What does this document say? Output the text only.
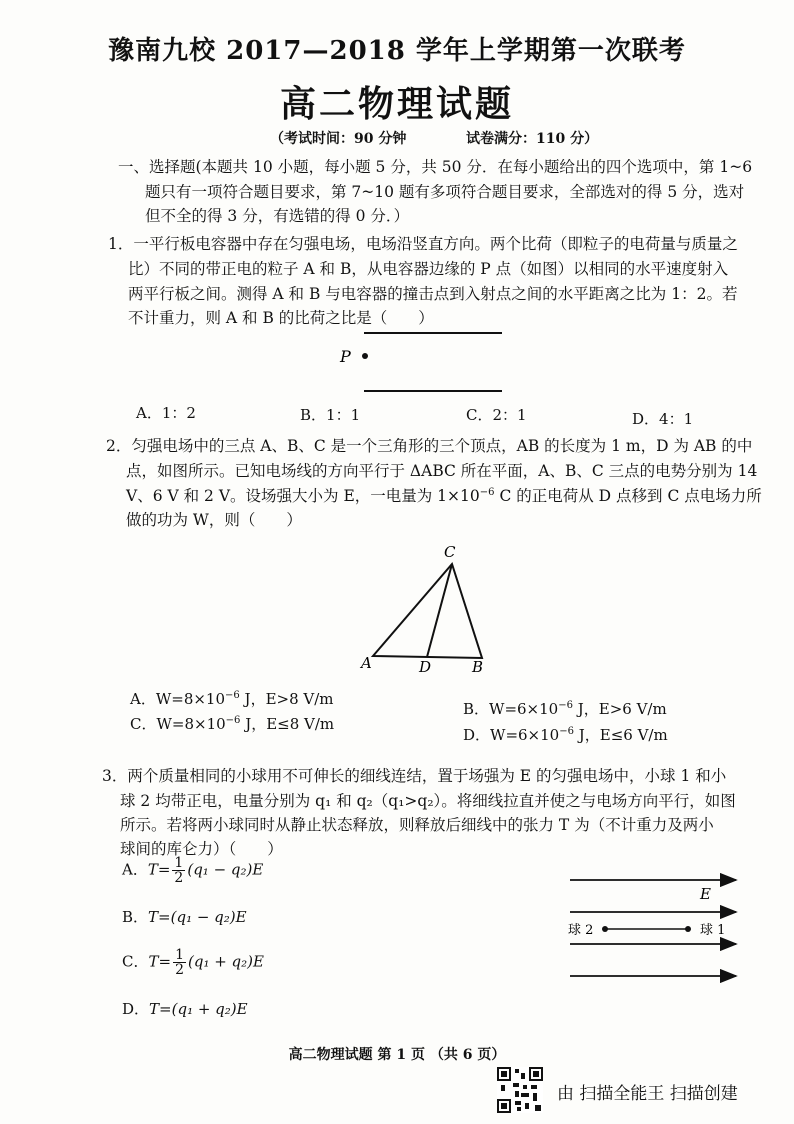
豫南九校 2017—2018 学年上学期第一次联考
高二物理试题
（考试时间：90 分钟	试卷满分：110 分）
一、选择题(本题共 10 小题，每小题 5 分，共 50 分．在每小题给出的四个选项中，第 1~6
题只有一项符合题目要求，第 7~10 题有多项符合题目要求，全部选对的得 5 分，选对
但不全的得 3 分，有选错的得 0 分．）
1．一平行板电容器中存在匀强电场，电场沿竖直方向。两个比荷（即粒子的电荷量与质量之
比）不同的带正电的粒子 A 和 B，从电容器边缘的 P 点（如图）以相同的水平速度射入
两平行板之间。测得 A 和 B 与电容器的撞击点到入射点之间的水平距离之比为 1：2。若
不计重力，则 A 和 B 的比荷之比是（　　）
P
A．1：2	B．1：1	C．2：1	D．4：1
2．匀强电场中的三点 A、B、C 是一个三角形的三个顶点，AB 的长度为 1 m，D 为 AB 的中
点，如图所示。已知电场线的方向平行于 ΔABC 所在平面，A、B、C 三点的电势分别为 14
V、6 V 和 2 V。设场强大小为 E，一电量为 $1\times 10^{-6}$ C 的正电荷从 D 点移到 C 点电场力所
做的功为 W，则（　　）
C
A	D	B
A．$W=8\times 10^{-6}$ J，E>8 V/m
B．$W=6\times 10^{-6}$ J，E>6 V/m
C．$W=8\times 10^{-6}$ J，E≤8 V/m
D．$W=6\times 10^{-6}$ J，E≤6 V/m
3．两个质量相同的小球用不可伸长的细线连结，置于场强为 E 的匀强电场中，小球 1 和小
球 2 均带正电，电量分别为 q₁ 和 q₂（q₁>q₂）。将细线拉直并使之与电场方向平行，如图
所示。若将两小球同时从静止状态释放，则释放后细线中的张力 T 为（不计重力及两小
球间的库仑力）（　　）
A．$T= \frac{1}{2} (q_1 - q_2)E$
B．T=(q₁ − q₂)E
C．$T= \frac{1}{2} (q_1 + q_2)E$
D．T=(q₁ + q₂)E
E
球 2	球 1
高二物理试题 第 1 页 （共 6 页）
由 扫描全能王 扫描创建
